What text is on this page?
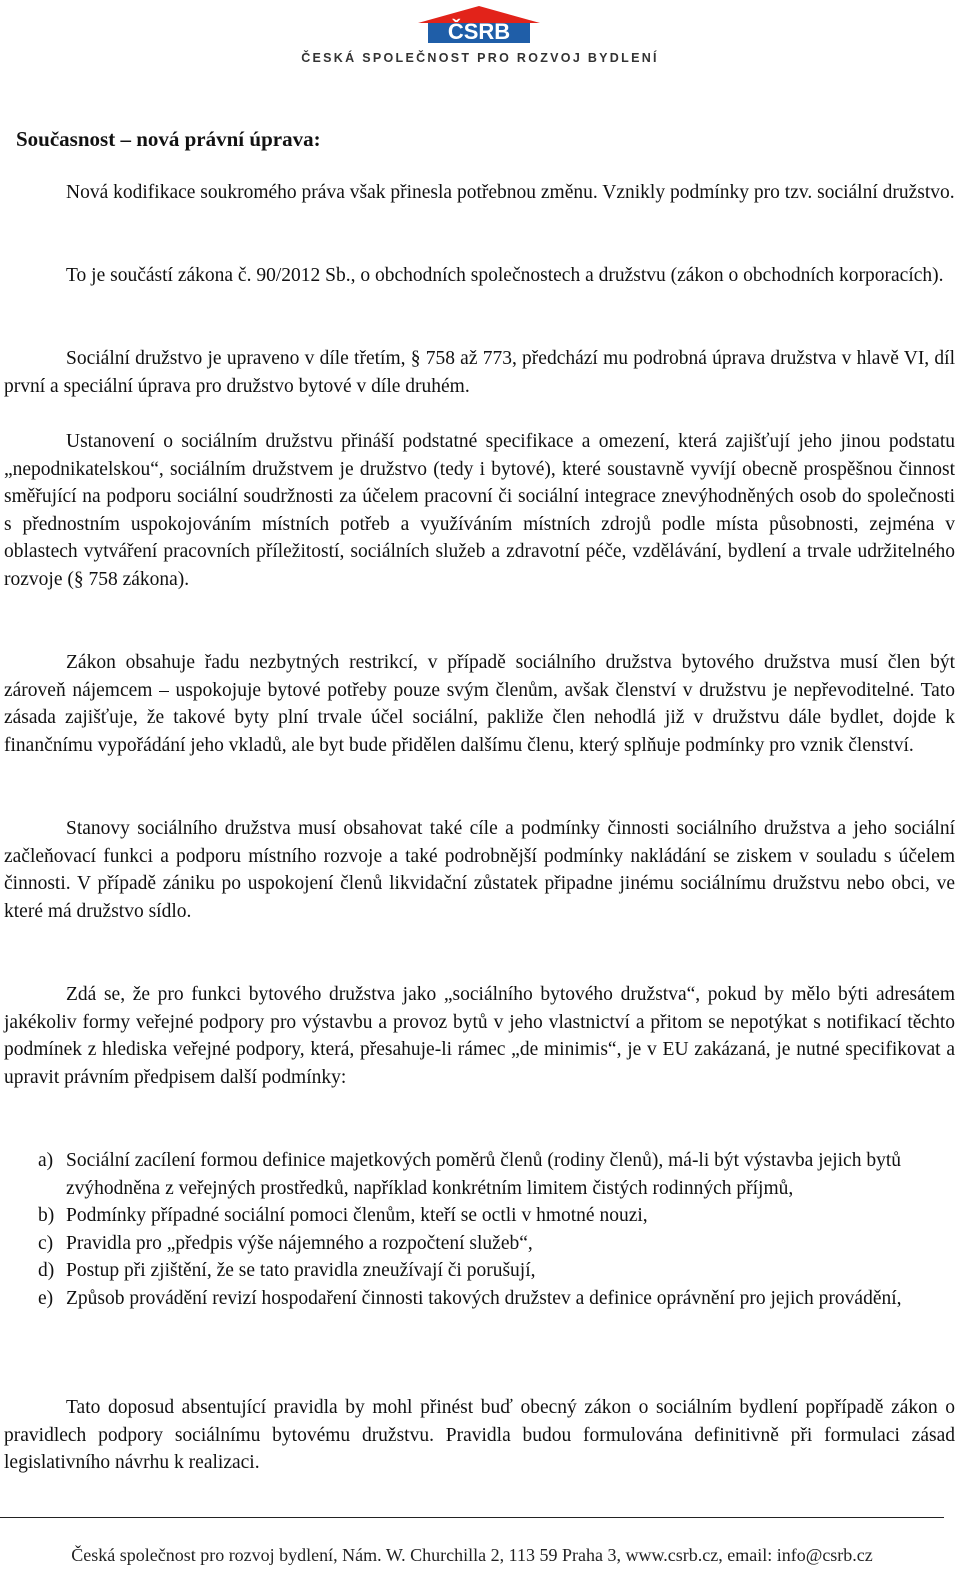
ČSRB
ČESKÁ SPOLEČNOST PRO ROZVOJ BYDLENÍ
Současnost – nová právní úprava:

Nová kodifikace soukromého práva však přinesla potřebnou změnu. Vznikly podmínky pro tzv. sociální družstvo.

To je součástí zákona č. 90/2012 Sb., o obchodních společnostech a družstvu (zákon o obchodních korporacích).

Sociální družstvo je upraveno v díle třetím, § 758 až 773, předchází mu podrobná úprava družstva v hlavě VI, díl první a speciální úprava pro družstvo bytové v díle druhém.

Ustanovení o sociálním družstvu přináší podstatné specifikace a omezení, která zajišťují jeho jinou podstatu „nepodnikatelskou“, sociálním družstvem je družstvo (tedy i bytové), které soustavně vyvíjí obecně prospěšnou činnost směřující na podporu sociální soudržnosti za účelem pracovní či sociální integrace znevýhodněných osob do společnosti s přednostním uspokojováním místních potřeb a využíváním místních zdrojů podle místa působnosti, zejména v oblastech vytváření pracovních příležitostí, sociálních služeb a zdravotní péče, vzdělávání, bydlení a trvale udržitelného rozvoje (§ 758 zákona).

Zákon obsahuje řadu nezbytných restrikcí, v případě sociálního družstva bytového družstva musí člen být zároveň nájemcem – uspokojuje bytové potřeby pouze svým členům, avšak členství v družstvu je nepřevoditelné. Tato zásada zajišťuje, že takové byty plní trvale účel sociální, pakliže člen nehodlá již v družstvu dále bydlet, dojde k finančnímu vypořádání jeho vkladů, ale byt bude přidělen dalšímu členu, který splňuje podmínky pro vznik členství.

Stanovy sociálního družstva musí obsahovat také cíle a podmínky činnosti sociálního družstva a jeho sociální začleňovací funkci a podporu místního rozvoje a také podrobnější podmínky nakládání se ziskem v souladu s účelem činnosti. V případě zániku po uspokojení členů likvidační zůstatek připadne jinému sociálnímu družstvu nebo obci, ve které má družstvo sídlo.

Zdá se, že pro funkci bytového družstva jako „sociálního bytového družstva“, pokud by mělo býti adresátem jakékoliv formy veřejné podpory pro výstavbu a provoz bytů v jeho vlastnictví a přitom se nepotýkat s notifikací těchto podmínek z hlediska veřejné podpory, která, přesahuje-li rámec „de minimis“, je v EU zakázaná, je nutné specifikovat a upravit právním předpisem další podmínky:

a) Sociální zacílení formou definice majetkových poměrů členů (rodiny členů), má-li být výstavba jejich bytů zvýhodněna z veřejných prostředků, například konkrétním limitem čistých rodinných příjmů,
b) Podmínky případné sociální pomoci členům, kteří se octli v hmotné nouzi,
c) Pravidla pro „předpis výše nájemného a rozpočtení služeb“,
d) Postup při zjištění, že se tato pravidla zneužívají či porušují,
e) Způsob provádění revizí hospodaření činnosti takových družstev a definice oprávnění pro jejich provádění,

Tato doposud absentující pravidla by mohl přinést buď obecný zákon o sociálním bydlení popřípadě zákon o pravidlech podpory sociálnímu bytovému družstvu. Pravidla budou formulována definitivně při formulaci zásad legislativního návrhu k realizaci.

Česká společnost pro rozvoj bydlení, Nám. W. Churchilla 2, 113 59 Praha 3, www.csrb.cz, email: info@csrb.cz
